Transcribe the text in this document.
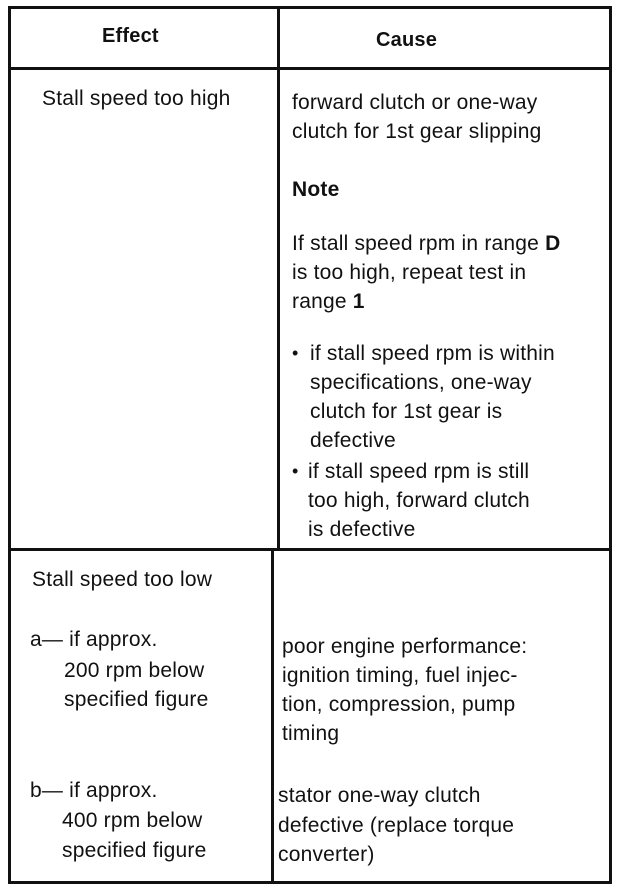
Effect	Cause
Stall speed too high	forward clutch or one-way
clutch for 1st gear slipping
Note
If stall speed rpm in range D
is too high, repeat test in
range 1
• if stall speed rpm is within
specifications, one-way
clutch for 1st gear is
defective
• if stall speed rpm is still
too high, forward clutch
is defective
Stall speed too low
a— if approx.
200 rpm below
specified figure
poor engine performance:
ignition timing, fuel injec-
tion, compression, pump
timing
b— if approx.
400 rpm below
specified figure
stator one-way clutch
defective (replace torque
converter)
